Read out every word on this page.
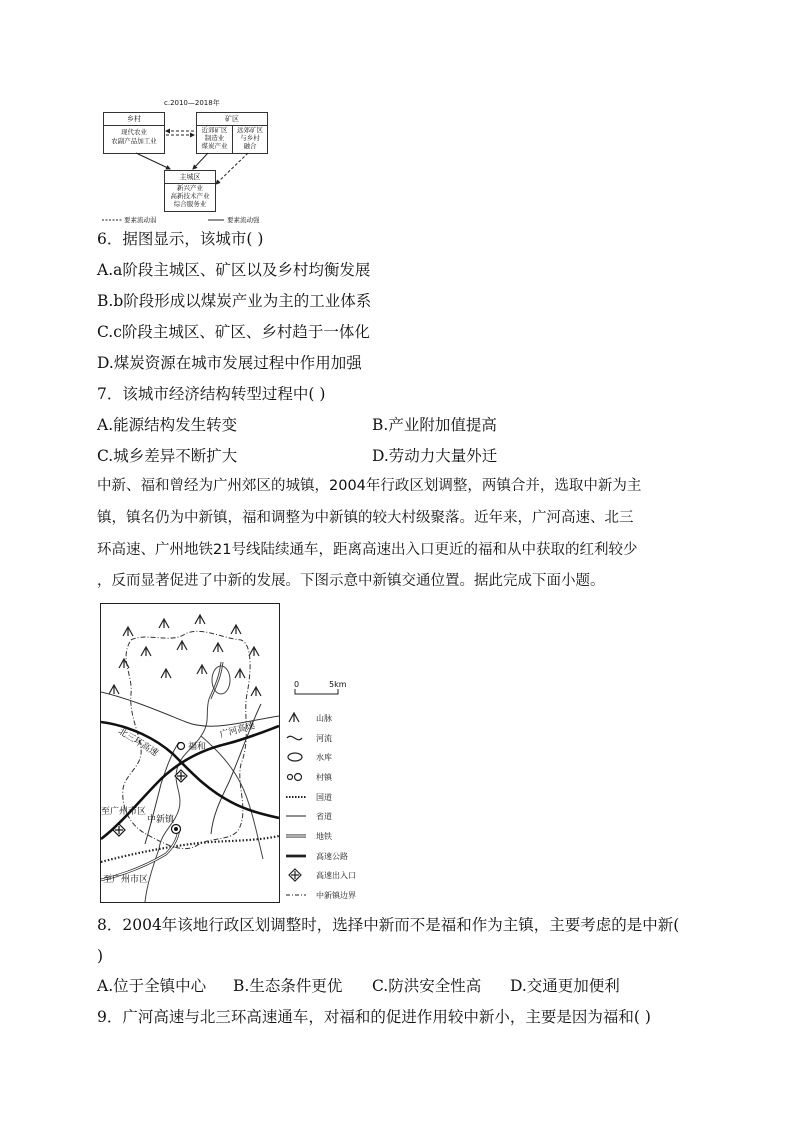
c.2010—2018年
乡村
现代农业
农副产品加工业
矿区
近郊矿区
制造业
煤炭产业
远郊矿区
与乡村
融合
主城区
新兴产业
高新技术产业
综合服务业
要素流动弱	要素流动强
6．据图显示，该城市( )
A.a阶段主城区、矿区以及乡村均衡发展
B.b阶段形成以煤炭产业为主的工业体系
C.c阶段主城区、矿区、乡村趋于一体化
D.煤炭资源在城市发展过程中作用加强
7．该城市经济结构转型过程中( )
A.能源结构发生转变	B.产业附加值提高
C.城乡差异不断扩大	D.劳动力大量外迁
中新、福和曾经为广州郊区的城镇，2004年行政区划调整，两镇合并，选取中新为主
镇，镇名仍为中新镇，福和调整为中新镇的较大村级聚落。近年来，广河高速、北三
环高速、广州地铁21号线陆续通车，距离高速出入口更近的福和从中获取的红利较少
，反而显著促进了中新的发展。下图示意中新镇交通位置。据此完成下面小题。
福和
中新镇
广河高速
北三环高速
至广州市区
至广州市区
0	5km
山脉
河流
水库
村镇
国道
省道
地铁
高速公路
高速出入口
中新镇边界
8．2004年该地行政区划调整时，选择中新而不是福和作为主镇，主要考虑的是中新(
)
A.位于全镇中心 B.生态条件更优 C.防洪安全性高 D.交通更加便利
9．广河高速与北三环高速通车，对福和的促进作用较中新小，主要是因为福和( )
